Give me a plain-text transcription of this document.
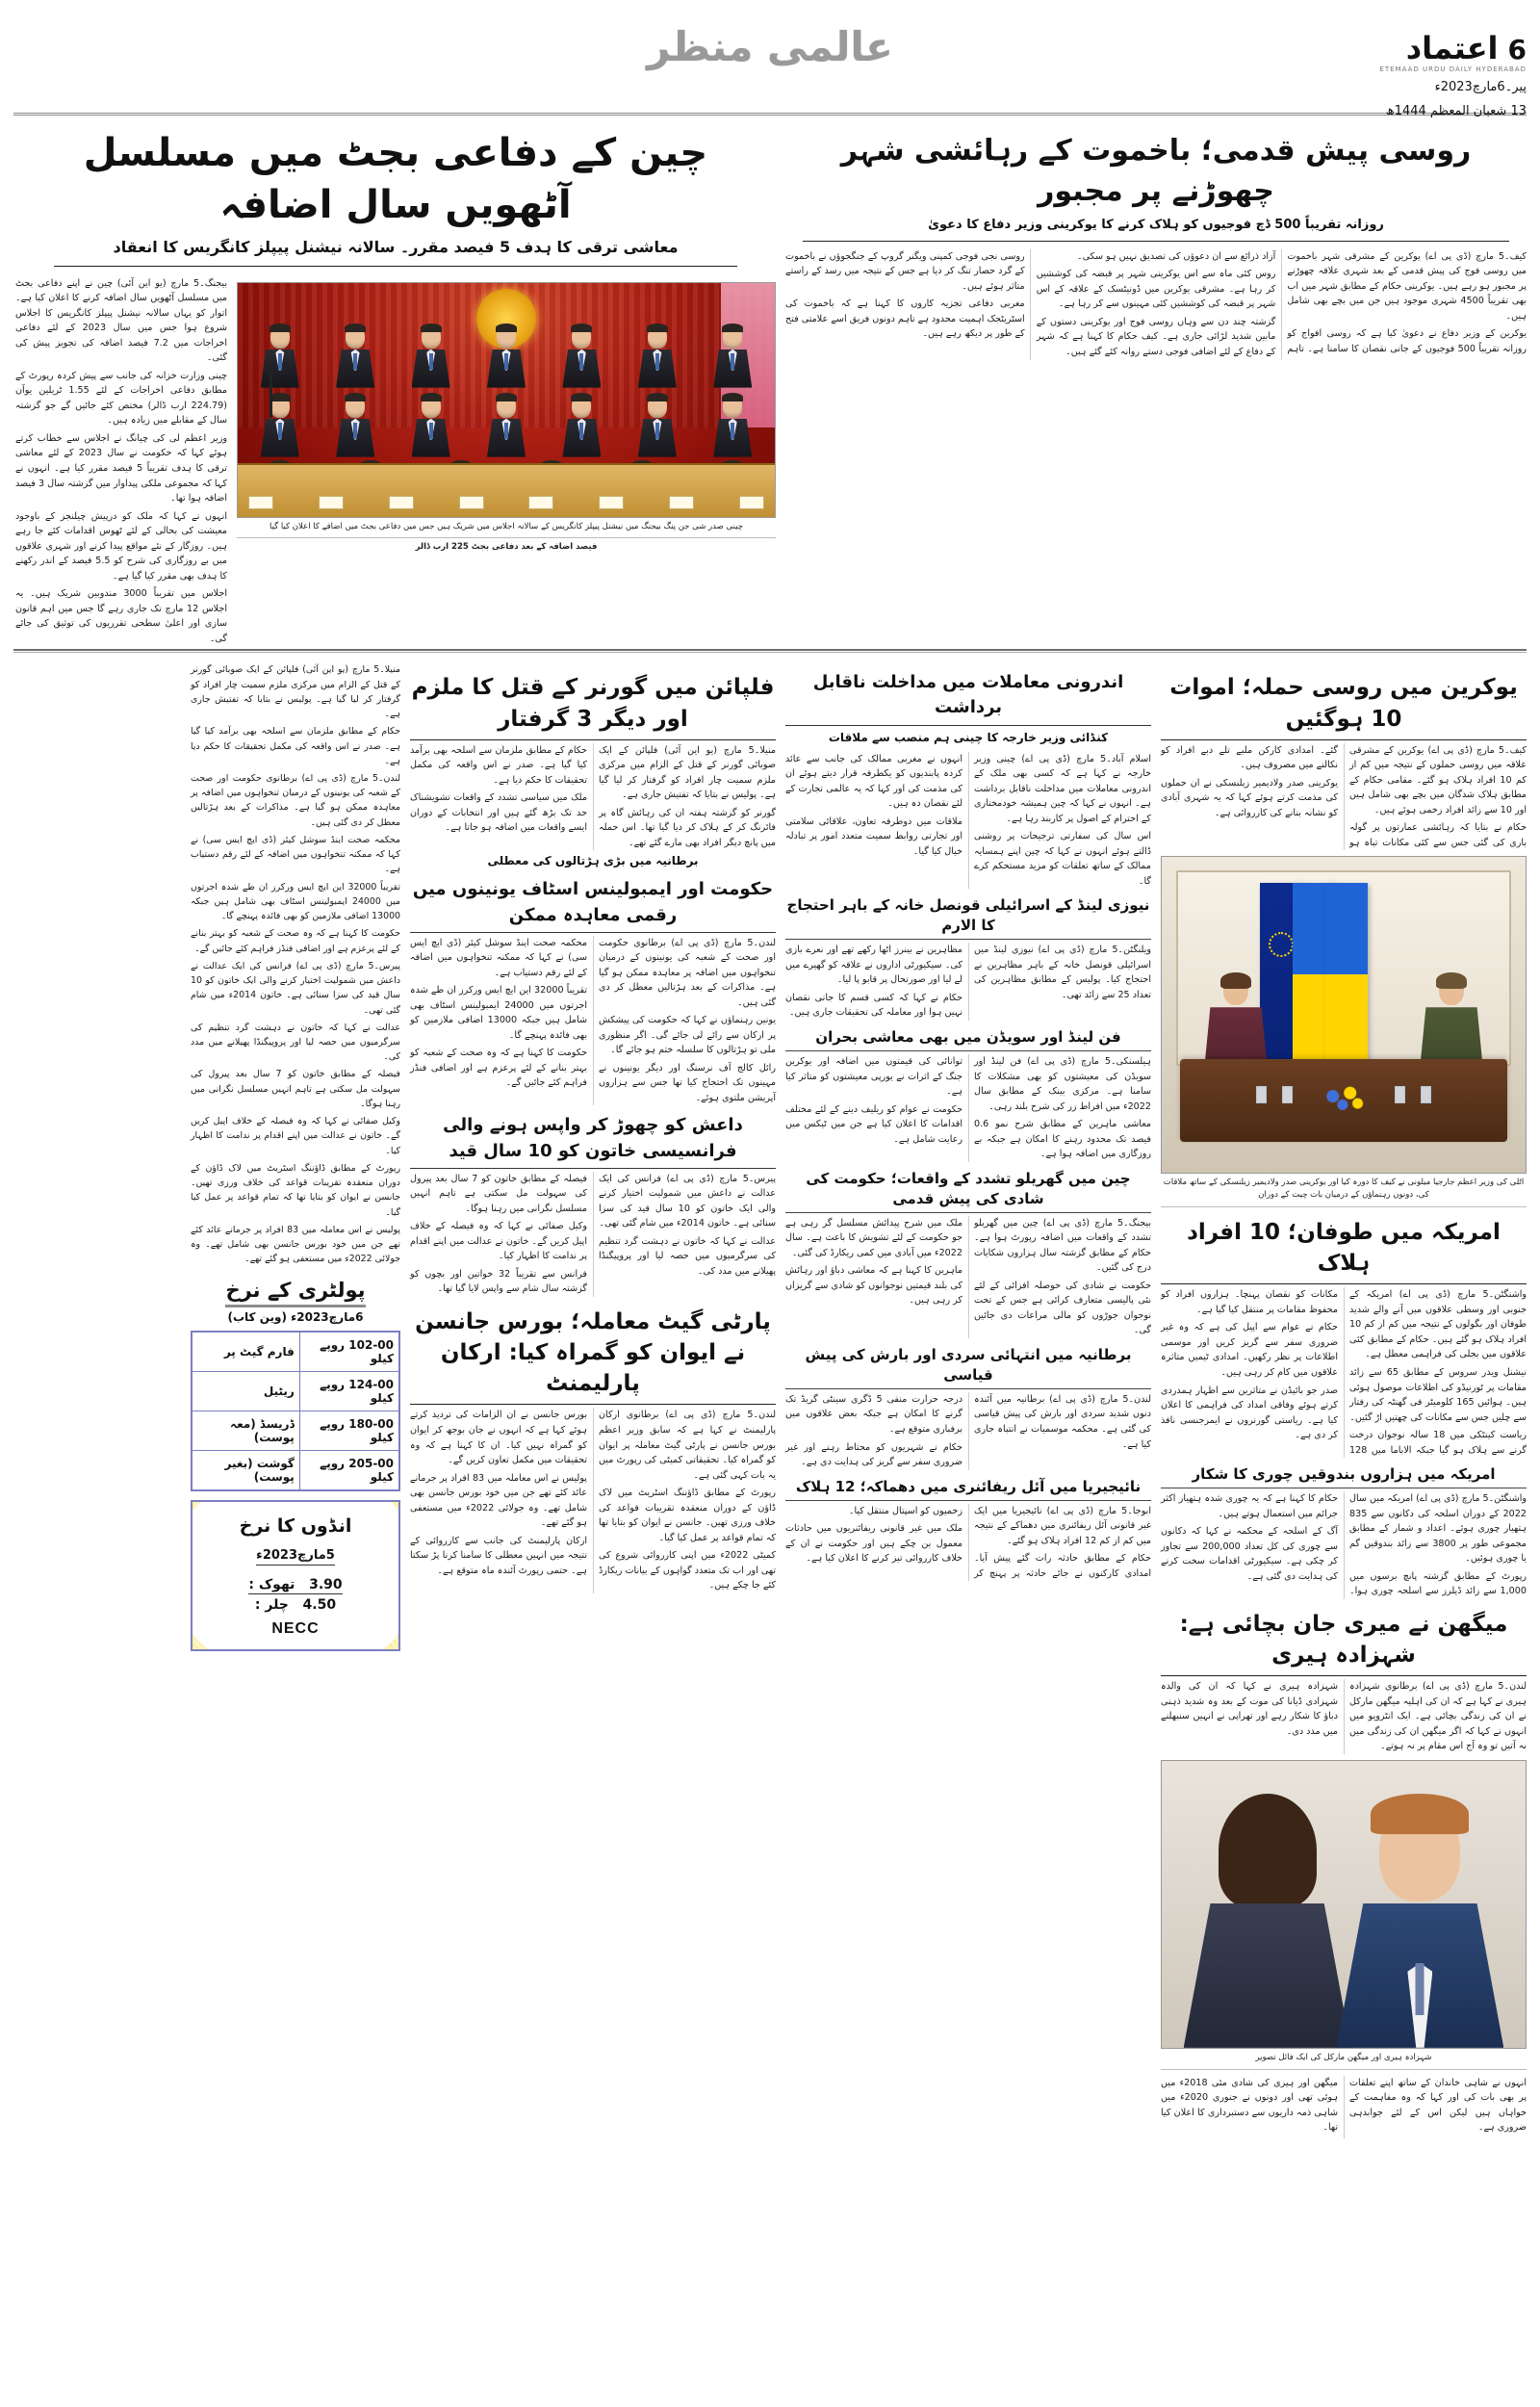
عالمی منظر	6
اعتماد
ETEMAAD URDU DAILY HYDERABAD
پیر۔6مارچ2023ء
13 شعبان المعظم 1444ھ
روسی پیش قدمی؛ باخموت کے رہائشی شہر چھوڑنے پر مجبور
روزانہ تقریباً 500 ڈچ فوجیوں کو ہلاک کرنے کا یوکرینی وزیر دفاع کا دعویٰ

کیف۔5 مارچ (ڈی پی اے) یوکرین کے مشرقی شہر باخموت میں روسی فوج کی پیش قدمی کے بعد شہری علاقہ چھوڑنے پر مجبور ہو رہے ہیں۔ یوکرینی حکام کے مطابق شہر میں اب بھی تقریباً 4500 شہری موجود ہیں جن میں بچے بھی شامل ہیں۔

یوکرین کے وزیر دفاع نے دعویٰ کیا ہے کہ روسی افواج کو روزانہ تقریباً 500 فوجیوں کے جانی نقصان کا سامنا ہے۔ تاہم آزاد ذرائع سے ان دعوؤں کی تصدیق نہیں ہو سکی۔

روس کئی ماہ سے اس یوکرینی شہر پر قبضہ کی کوششیں کر رہا ہے۔ مشرقی یوکرین میں ڈونیٹسک کے علاقہ کے اس شہر پر قبضہ کی کوششیں کئی مہینوں سے کر رہا ہے۔

گزشتہ چند دن سے وہاں روسی فوج اور یوکرینی دستوں کے مابین شدید لڑائی جاری ہے۔ کیف حکام کا کہنا ہے کہ شہر کے دفاع کے لئے اضافی فوجی دستے روانہ کئے گئے ہیں۔

روسی نجی فوجی کمپنی ویگنر گروپ کے جنگجوؤں نے باخموت کے گرد حصار تنگ کر دیا ہے جس کے نتیجہ میں رسد کے راستے متاثر ہوئے ہیں۔

مغربی دفاعی تجزیہ کاروں کا کہنا ہے کہ باخموت کی اسٹریٹجک اہمیت محدود ہے تاہم دونوں فریق اسے علامتی فتح کے طور پر دیکھ رہے ہیں۔

چین کے دفاعی بجٹ میں مسلسل آٹھویں سال اضافہ
معاشی ترقی کا ہدف 5 فیصد مقرر۔ سالانہ نیشنل پیپلز کانگریس کا انعقاد
چینی صدر شی جن پنگ بیجنگ میں نیشنل پیپلز کانگریس کے سالانہ اجلاس میں شریک ہیں جس میں دفاعی بجٹ میں اضافے کا اعلان کیا گیا
فیصد اضافہ کے بعد دفاعی بجٹ 225 ارب ڈالر

بیجنگ۔5 مارچ (یو این آئی) چین نے اپنے دفاعی بجٹ میں مسلسل آٹھویں سال اضافہ کرنے کا اعلان کیا ہے۔ اتوار کو یہاں سالانہ نیشنل پیپلز کانگریس کا اجلاس شروع ہوا جس میں سال 2023 کے لئے دفاعی اخراجات میں 7.2 فیصد اضافہ کی تجویز پیش کی گئی۔

چینی وزارت خزانہ کی جانب سے پیش کردہ رپورٹ کے مطابق دفاعی اخراجات کے لئے 1.55 ٹریلین یوآن (224.79 ارب ڈالر) مختص کئے جائیں گے جو گزشتہ سال کے مقابلے میں زیادہ ہیں۔

وزیر اعظم لی کی چیانگ نے اجلاس سے خطاب کرتے ہوئے کہا کہ حکومت نے سال 2023 کے لئے معاشی ترقی کا ہدف تقریباً 5 فیصد مقرر کیا ہے۔ انہوں نے کہا کہ مجموعی ملکی پیداوار میں گزشتہ سال 3 فیصد اضافہ ہوا تھا۔

انہوں نے کہا کہ ملک کو درپیش چیلنجز کے باوجود معیشت کی بحالی کے لئے ٹھوس اقدامات کئے جا رہے ہیں۔ روزگار کے نئے مواقع پیدا کرنے اور شہری علاقوں میں بے روزگاری کی شرح کو 5.5 فیصد کے اندر رکھنے کا ہدف بھی مقرر کیا گیا ہے۔

اجلاس میں تقریباً 3000 مندوبین شریک ہیں۔ یہ اجلاس 12 مارچ تک جاری رہے گا جس میں اہم قانون سازی اور اعلیٰ سطحی تقرریوں کی توثیق کی جائے گی۔

یوکرین میں روسی حملہ؛ اموات 10 ہوگئیں

کیف۔5 مارچ (ڈی پی اے) یوکرین کے مشرقی علاقہ میں روسی حملوں کے نتیجہ میں کم از کم 10 افراد ہلاک ہو گئے۔ مقامی حکام کے مطابق ہلاک شدگان میں بچے بھی شامل ہیں اور 10 سے زائد افراد زخمی ہوئے ہیں۔

حکام نے بتایا کہ رہائشی عمارتوں پر گولہ باری کی گئی جس سے کئی مکانات تباہ ہو گئے۔ امدادی کارکن ملبے تلے دبے افراد کو نکالنے میں مصروف ہیں۔

یوکرینی صدر ولادیمیر زیلنسکی نے ان حملوں کی مذمت کرتے ہوئے کہا کہ یہ شہری آبادی کو نشانہ بنانے کی کارروائی ہے۔

اٹلی کی وزیر اعظم جارجیا میلونی نے کیف کا دورہ کیا اور یوکرینی صدر ولادیمیر زیلنسکی کے ساتھ ملاقات کی، دونوں رہنماؤں کے درمیان بات چیت کے دوران
امریکہ میں طوفان؛ 10 افراد ہلاک

واشنگٹن۔5 مارچ (ڈی پی اے) امریکہ کے جنوبی اور وسطی علاقوں میں آنے والے شدید طوفان اور بگولوں کے نتیجہ میں کم از کم 10 افراد ہلاک ہو گئے ہیں۔ حکام کے مطابق کئی علاقوں میں بجلی کی فراہمی معطل ہے۔

نیشنل ویدر سروس کے مطابق 65 سے زائد مقامات پر ٹورنیڈو کی اطلاعات موصول ہوئی ہیں۔ ہوائیں 165 کلومیٹر فی گھنٹہ کی رفتار سے چلیں جس سے مکانات کی چھتیں اڑ گئیں۔

ریاست کینٹکی میں 18 سالہ نوجوان درخت گرنے سے ہلاک ہو گیا جبکہ الاباما میں 128 مکانات کو نقصان پہنچا۔ ہزاروں افراد کو محفوظ مقامات پر منتقل کیا گیا ہے۔

حکام نے عوام سے اپیل کی ہے کہ وہ غیر ضروری سفر سے گریز کریں اور موسمی اطلاعات پر نظر رکھیں۔ امدادی ٹیمیں متاثرہ علاقوں میں کام کر رہی ہیں۔

صدر جو بائیڈن نے متاثرین سے اظہار ہمدردی کرتے ہوئے وفاقی امداد کی فراہمی کا اعلان کیا ہے۔ ریاستی گورنروں نے ایمرجنسی نافذ کر دی ہے۔

امریکہ میں ہزاروں بندوقیں چوری کا شکار

واشنگٹن۔5 مارچ (ڈی پی اے) امریکہ میں سال 2022 کے دوران اسلحہ کی دکانوں سے 835 ہتھیار چوری ہوئے۔ اعداد و شمار کے مطابق مجموعی طور پر 3800 سے زائد بندوقیں گم یا چوری ہوئیں۔

رپورٹ کے مطابق گزشتہ پانچ برسوں میں 1,000 سے زائد ڈیلرز سے اسلحہ چوری ہوا۔ حکام کا کہنا ہے کہ یہ چوری شدہ ہتھیار اکثر جرائم میں استعمال ہوتے ہیں۔

آگ کے اسلحہ کے محکمہ نے کہا کہ دکانوں سے چوری کی کل تعداد 200,000 سے تجاوز کر چکی ہے۔ سیکیورٹی اقدامات سخت کرنے کی ہدایت دی گئی ہے۔

میگھن نے میری جان بچائی ہے: شہزادہ ہیری

لندن۔5 مارچ (ڈی پی اے) برطانوی شہزادہ ہیری نے کہا ہے کہ ان کی اہلیہ میگھن مارکل نے ان کی زندگی بچائی ہے۔ ایک انٹرویو میں انہوں نے کہا کہ اگر میگھن ان کی زندگی میں نہ آتیں تو وہ آج اس مقام پر نہ ہوتے۔

شہزادہ ہیری نے کہا کہ ان کی والدہ شہزادی ڈیانا کی موت کے بعد وہ شدید ذہنی دباؤ کا شکار رہے اور تھراپی نے انہیں سنبھلنے میں مدد دی۔

شہزادہ ہیری اور میگھن مارکل کی ایک فائل تصویر

انہوں نے شاہی خاندان کے ساتھ اپنے تعلقات پر بھی بات کی اور کہا کہ وہ مفاہمت کے خواہاں ہیں لیکن اس کے لئے جوابدہی ضروری ہے۔

میگھن اور ہیری کی شادی مئی 2018ء میں ہوئی تھی اور دونوں نے جنوری 2020ء میں شاہی ذمہ داریوں سے دستبرداری کا اعلان کیا تھا۔

اندرونی معاملات میں مداخلت ناقابل برداشت
کنڈائی وزیر خارجہ کا چینی ہم منصب سے ملاقات

اسلام آباد۔5 مارچ (ڈی پی اے) چینی وزیر خارجہ نے کہا ہے کہ کسی بھی ملک کے اندرونی معاملات میں مداخلت ناقابل برداشت ہے۔ انہوں نے کہا کہ چین ہمیشہ خودمختاری کے احترام کے اصول پر کاربند رہا ہے۔

اس سال کی سفارتی ترجیحات پر روشنی ڈالتے ہوئے انہوں نے کہا کہ چین اپنے ہمسایہ ممالک کے ساتھ تعلقات کو مزید مستحکم کرے گا۔

انہوں نے مغربی ممالک کی جانب سے عائد کردہ پابندیوں کو یکطرفہ قرار دیتے ہوئے ان کی مذمت کی اور کہا کہ یہ عالمی تجارت کے لئے نقصان دہ ہیں۔

ملاقات میں دوطرفہ تعاون، علاقائی سلامتی اور تجارتی روابط سمیت متعدد امور پر تبادلہ خیال کیا گیا۔

نیوزی لینڈ کے اسرائیلی قونصل خانہ کے باہر احتجاج کا الارم

ویلنگٹن۔5 مارچ (ڈی پی اے) نیوزی لینڈ میں اسرائیلی قونصل خانہ کے باہر مظاہرین نے احتجاج کیا۔ پولیس کے مطابق مظاہرین کی تعداد 25 سے زائد تھی۔

مظاہرین نے بینرز اٹھا رکھے تھے اور نعرے بازی کی۔ سیکیورٹی اداروں نے علاقہ کو گھیرے میں لے لیا اور صورتحال پر قابو پا لیا۔

حکام نے کہا کہ کسی قسم کا جانی نقصان نہیں ہوا اور معاملہ کی تحقیقات جاری ہیں۔

فن لینڈ اور سویڈن میں بھی معاشی بحران

ہیلسنکی۔5 مارچ (ڈی پی اے) فن لینڈ اور سویڈن کی معیشتوں کو بھی مشکلات کا سامنا ہے۔ مرکزی بینک کے مطابق سال 2022ء میں افراط زر کی شرح بلند رہی۔

معاشی ماہرین کے مطابق شرح نمو 0.6 فیصد تک محدود رہنے کا امکان ہے جبکہ بے روزگاری میں اضافہ ہوا ہے۔

توانائی کی قیمتوں میں اضافہ اور یوکرین جنگ کے اثرات نے یورپی معیشتوں کو متاثر کیا ہے۔

حکومت نے عوام کو ریلیف دینے کے لئے مختلف اقدامات کا اعلان کیا ہے جن میں ٹیکس میں رعایت شامل ہے۔

چین میں گھریلو تشدد کے واقعات؛ حکومت کی شادی کی پیش قدمی

بیجنگ۔5 مارچ (ڈی پی اے) چین میں گھریلو تشدد کے واقعات میں اضافہ رپورٹ ہوا ہے۔ حکام کے مطابق گزشتہ سال ہزاروں شکایات درج کی گئیں۔

حکومت نے شادی کی حوصلہ افزائی کے لئے نئی پالیسی متعارف کرائی ہے جس کے تحت نوجوان جوڑوں کو مالی مراعات دی جائیں گی۔

ملک میں شرح پیدائش مسلسل گر رہی ہے جو حکومت کے لئے تشویش کا باعث ہے۔ سال 2022ء میں آبادی میں کمی ریکارڈ کی گئی۔

ماہرین کا کہنا ہے کہ معاشی دباؤ اور رہائش کی بلند قیمتیں نوجوانوں کو شادی سے گریزاں کر رہی ہیں۔

برطانیہ میں انتہائی سردی اور بارش کی پیش قیاسی

لندن۔5 مارچ (ڈی پی اے) برطانیہ میں آئندہ دنوں شدید سردی اور بارش کی پیش قیاسی کی گئی ہے۔ محکمہ موسمیات نے انتباہ جاری کیا ہے۔

درجہ حرارت منفی 5 ڈگری سینٹی گریڈ تک گرنے کا امکان ہے جبکہ بعض علاقوں میں برفباری متوقع ہے۔

حکام نے شہریوں کو محتاط رہنے اور غیر ضروری سفر سے گریز کی ہدایت دی ہے۔

نائیجیریا میں آئل ریفائنری میں دھماکہ؛ 12 ہلاک

ابوجا۔5 مارچ (ڈی پی اے) نائیجیریا میں ایک غیر قانونی آئل ریفائنری میں دھماکے کے نتیجہ میں کم از کم 12 افراد ہلاک ہو گئے۔

حکام کے مطابق حادثہ رات گئے پیش آیا۔ امدادی کارکنوں نے جائے حادثہ پر پہنچ کر زخمیوں کو اسپتال منتقل کیا۔

ملک میں غیر قانونی ریفائنریوں میں حادثات معمول بن چکے ہیں اور حکومت نے ان کے خلاف کارروائی تیز کرنے کا اعلان کیا ہے۔

فلپائن میں گورنر کے قتل کا ملزم اور دیگر 3 گرفتار

منیلا۔5 مارچ (یو این آئی) فلپائن کے ایک صوبائی گورنر کے قتل کے الزام میں مرکزی ملزم سمیت چار افراد کو گرفتار کر لیا گیا ہے۔ پولیس نے بتایا کہ تفتیش جاری ہے۔

گورنر کو گزشتہ ہفتہ ان کی رہائش گاہ پر فائرنگ کر کے ہلاک کر دیا گیا تھا۔ اس حملہ میں پانچ دیگر افراد بھی مارے گئے تھے۔

حکام کے مطابق ملزمان سے اسلحہ بھی برآمد کیا گیا ہے۔ صدر نے اس واقعہ کی مکمل تحقیقات کا حکم دیا ہے۔

ملک میں سیاسی تشدد کے واقعات تشویشناک حد تک بڑھ گئے ہیں اور انتخابات کے دوران ایسے واقعات میں اضافہ ہو جاتا ہے۔

برطانیہ میں بڑی ہڑتالوں کی معطلی
حکومت اور ایمبولینس اسٹاف یونینوں میں رقمی معاہدہ ممکن

لندن۔5 مارچ (ڈی پی اے) برطانوی حکومت اور صحت کے شعبہ کی یونینوں کے درمیان تنخواہوں میں اضافہ پر معاہدہ ممکن ہو گیا ہے۔ مذاکرات کے بعد ہڑتالیں معطل کر دی گئی ہیں۔

یونین رہنماؤں نے کہا کہ حکومت کی پیشکش پر ارکان سے رائے لی جائے گی۔ اگر منظوری ملی تو ہڑتالوں کا سلسلہ ختم ہو جائے گا۔

رائل کالج آف نرسنگ اور دیگر یونینوں نے مہینوں تک احتجاج کیا تھا جس سے ہزاروں آپریشن ملتوی ہوئے۔

محکمہ صحت اینڈ سوشل کیئر (ڈی ایچ ایس سی) نے کہا کہ ممکنہ تنخواہوں میں اضافہ کے لئے رقم دستیاب ہے۔

تقریباً 32000 این ایچ ایس ورکرز ان طے شدہ اجرتوں میں 24000 ایمبولینس اسٹاف بھی شامل ہیں جبکہ 13000 اضافی ملازمین کو بھی فائدہ پہنچے گا۔

حکومت کا کہنا ہے کہ وہ صحت کے شعبہ کو بہتر بنانے کے لئے پرعزم ہے اور اضافی فنڈز فراہم کئے جائیں گے۔

داعش کو چھوڑ کر واپس ہونے والی فرانسیسی خاتون کو 10 سال قید

پیرس۔5 مارچ (ڈی پی اے) فرانس کی ایک عدالت نے داعش میں شمولیت اختیار کرنے والی ایک خاتون کو 10 سال قید کی سزا سنائی ہے۔ خاتون 2014ء میں شام گئی تھی۔

عدالت نے کہا کہ خاتون نے دہشت گرد تنظیم کی سرگرمیوں میں حصہ لیا اور پروپیگنڈا پھیلانے میں مدد کی۔

فیصلہ کے مطابق خاتون کو 7 سال بعد پیرول کی سہولت مل سکتی ہے تاہم انہیں مسلسل نگرانی میں رہنا ہوگا۔

وکیل صفائی نے کہا کہ وہ فیصلہ کے خلاف اپیل کریں گے۔ خاتون نے عدالت میں اپنے اقدام پر ندامت کا اظہار کیا۔

فرانس سے تقریباً 32 خواتین اور بچوں کو گزشتہ سال شام سے واپس لایا گیا تھا۔

پارٹی گیٹ معاملہ؛ بورس جانسن نے ایوان کو گمراہ کیا: ارکان پارلیمنٹ

لندن۔5 مارچ (ڈی پی اے) برطانوی ارکان پارلیمنٹ نے کہا ہے کہ سابق وزیر اعظم بورس جانسن نے پارٹی گیٹ معاملہ پر ایوان کو گمراہ کیا۔ تحقیقاتی کمیٹی کی رپورٹ میں یہ بات کہی گئی ہے۔

رپورٹ کے مطابق ڈاؤننگ اسٹریٹ میں لاک ڈاؤن کے دوران منعقدہ تقریبات قواعد کی خلاف ورزی تھیں۔ جانسن نے ایوان کو بتایا تھا کہ تمام قواعد پر عمل کیا گیا۔

کمیٹی 2022ء میں اپنی کارروائی شروع کی تھی اور اب تک متعدد گواہوں کے بیانات ریکارڈ کئے جا چکے ہیں۔

بورس جانسن نے ان الزامات کی تردید کرتے ہوئے کہا ہے کہ انہوں نے جان بوجھ کر ایوان کو گمراہ نہیں کیا۔ ان کا کہنا ہے کہ وہ تحقیقات میں مکمل تعاون کریں گے۔

پولیس نے اس معاملہ میں 83 افراد پر جرمانے عائد کئے تھے جن میں خود بورس جانسن بھی شامل تھے۔ وہ جولائی 2022ء میں مستعفی ہو گئے تھے۔

ارکان پارلیمنٹ کی جانب سے کارروائی کے نتیجہ میں انہیں معطلی کا سامنا کرنا پڑ سکتا ہے۔ حتمی رپورٹ آئندہ ماہ متوقع ہے۔

منیلا۔5 مارچ (یو این آئی) فلپائن کے ایک صوبائی گورنر کے قتل کے الزام میں مرکزی ملزم سمیت چار افراد کو گرفتار کر لیا گیا ہے۔ پولیس نے بتایا کہ تفتیش جاری ہے۔

حکام کے مطابق ملزمان سے اسلحہ بھی برآمد کیا گیا ہے۔ صدر نے اس واقعہ کی مکمل تحقیقات کا حکم دیا ہے۔

لندن۔5 مارچ (ڈی پی اے) برطانوی حکومت اور صحت کے شعبہ کی یونینوں کے درمیان تنخواہوں میں اضافہ پر معاہدہ ممکن ہو گیا ہے۔ مذاکرات کے بعد ہڑتالیں معطل کر دی گئی ہیں۔

محکمہ صحت اینڈ سوشل کیئر (ڈی ایچ ایس سی) نے کہا کہ ممکنہ تنخواہوں میں اضافہ کے لئے رقم دستیاب ہے۔

تقریباً 32000 این ایچ ایس ورکرز ان طے شدہ اجرتوں میں 24000 ایمبولینس اسٹاف بھی شامل ہیں جبکہ 13000 اضافی ملازمین کو بھی فائدہ پہنچے گا۔

حکومت کا کہنا ہے کہ وہ صحت کے شعبہ کو بہتر بنانے کے لئے پرعزم ہے اور اضافی فنڈز فراہم کئے جائیں گے۔

پیرس۔5 مارچ (ڈی پی اے) فرانس کی ایک عدالت نے داعش میں شمولیت اختیار کرنے والی ایک خاتون کو 10 سال قید کی سزا سنائی ہے۔ خاتون 2014ء میں شام گئی تھی۔

عدالت نے کہا کہ خاتون نے دہشت گرد تنظیم کی سرگرمیوں میں حصہ لیا اور پروپیگنڈا پھیلانے میں مدد کی۔

فیصلہ کے مطابق خاتون کو 7 سال بعد پیرول کی سہولت مل سکتی ہے تاہم انہیں مسلسل نگرانی میں رہنا ہوگا۔

وکیل صفائی نے کہا کہ وہ فیصلہ کے خلاف اپیل کریں گے۔ خاتون نے عدالت میں اپنے اقدام پر ندامت کا اظہار کیا۔

رپورٹ کے مطابق ڈاؤننگ اسٹریٹ میں لاک ڈاؤن کے دوران منعقدہ تقریبات قواعد کی خلاف ورزی تھیں۔ جانسن نے ایوان کو بتایا تھا کہ تمام قواعد پر عمل کیا گیا۔

پولیس نے اس معاملہ میں 83 افراد پر جرمانے عائد کئے تھے جن میں خود بورس جانسن بھی شامل تھے۔ وہ جولائی 2022ء میں مستعفی ہو گئے تھے۔

پولٹری کے نرخ
6مارچ2023ء (وین کاب)
102-00 روپے کیلو	فارم گیٹ پر
124-00 روپے کیلو	ریٹیل
180-00 روپے کیلو	ڈریسڈ (معہ پوست)
205-00 روپے کیلو	گوشت (بغیر پوست)
انڈوں کا نرخ
5مارچ2023ء
3.90   تھوک :
4.50   چلر :
NECC
